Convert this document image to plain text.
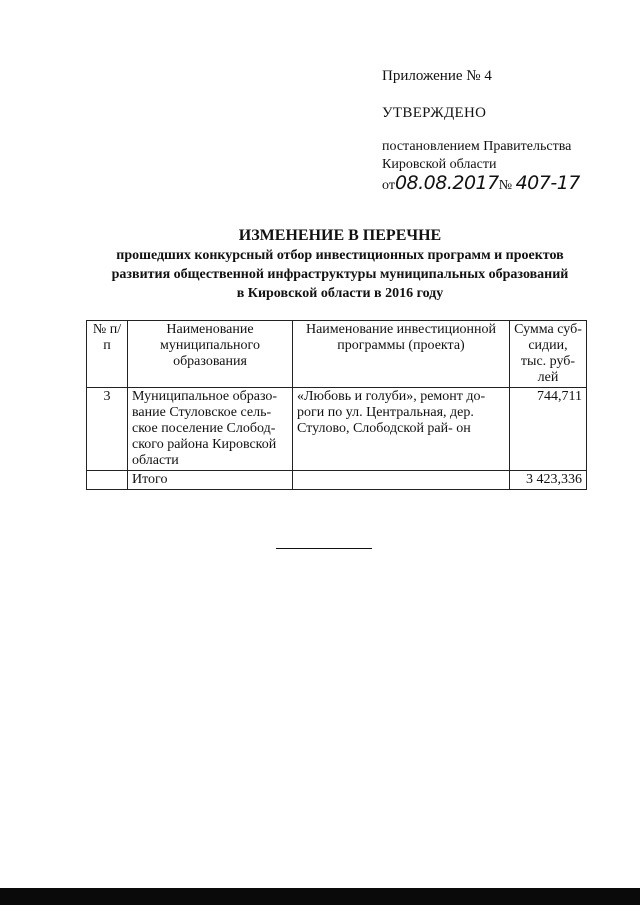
Приложение № 4
УТВЕРЖДЕНО
постановлением Правительства Кировской области
от08.08.2017№ 407-17
ИЗМЕНЕНИЕ В ПЕРЕЧНЕ
прошедших конкурсный отбор инвестиционных программ и проектов
развития общественной инфраструктуры муниципальных образований
в Кировской области в 2016 году
№ п/п	Наименование муниципального образования	Наименование инвестиционной программы (проекта)	Сумма суб- сидии, тыс. руб- лей
3	Муниципальное образо- вание Стуловское сель- ское поселение Слобод- ского района Кировской области	«Любовь и голуби», ремонт до- роги по ул. Центральная, дер. Стулово, Слободской рай- он	744,711
	Итого		3 423,336
